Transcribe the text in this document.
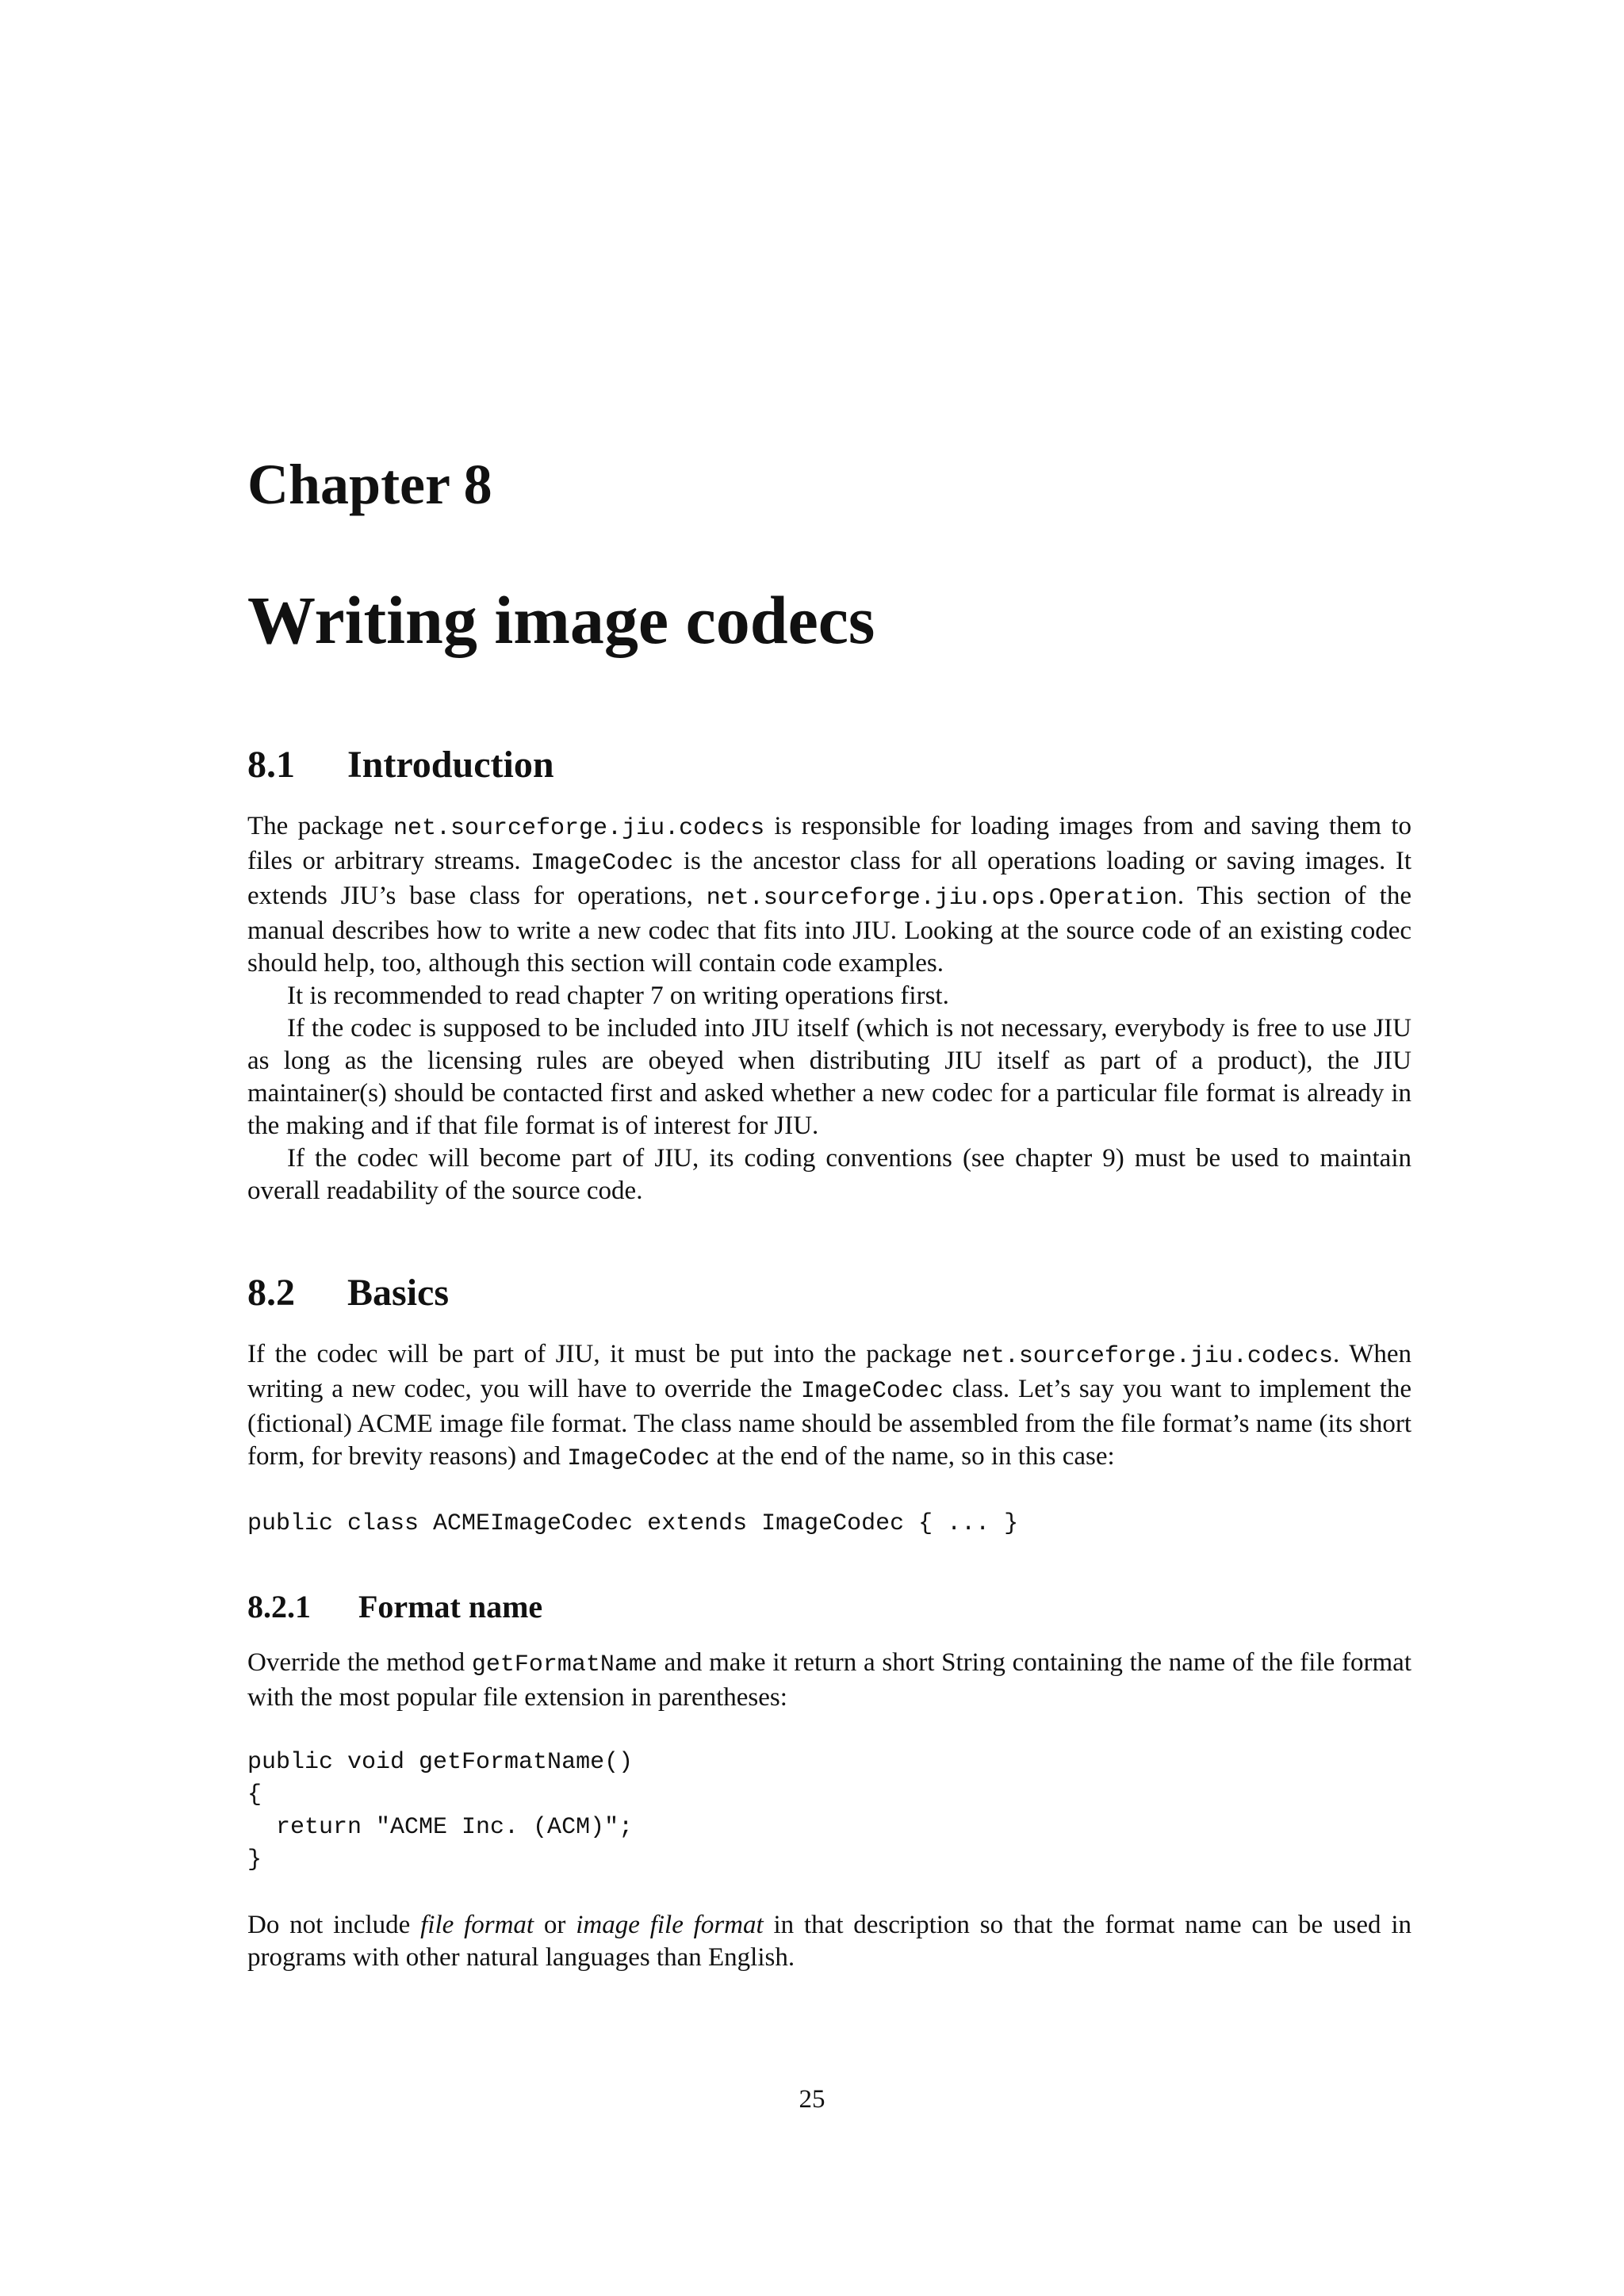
Chapter 8
Writing image codecs
8.1 Introduction

The package net.sourceforge.jiu.codecs is responsible for loading images from and saving them to files or arbitrary streams. ImageCodec is the ancestor class for all operations loading or saving images. It extends JIU’s base class for operations, net.sourceforge.jiu.ops.Operation. This section of the manual describes how to write a new codec that fits into JIU. Looking at the source code of an existing codec should help, too, although this section will contain code examples.

It is recommended to read chapter 7 on writing operations first.

If the codec is supposed to be included into JIU itself (which is not necessary, everybody is free to use JIU as long as the licensing rules are obeyed when distributing JIU itself as part of a product), the JIU maintainer(s) should be contacted first and asked whether a new codec for a particular file format is already in the making and if that file format is of interest for JIU.

If the codec will become part of JIU, its coding conventions (see chapter 9) must be used to maintain overall readability of the source code.

8.2 Basics

If the codec will be part of JIU, it must be put into the package net.sourceforge.jiu.codecs. When writing a new codec, you will have to override the ImageCodec class. Let’s say you want to implement the (fictional) ACME image file format. The class name should be assembled from the file format’s name (its short form, for brevity reasons) and ImageCodec at the end of the name, so in this case:

public class ACMEImageCodec extends ImageCodec { ... }
8.2.1 Format name

Override the method getFormatName and make it return a short String containing the name of the file format with the most popular file extension in parentheses:

public void getFormatName()
{
return "ACME Inc. (ACM)";
}

Do not include file format or image file format in that description so that the format name can be used in programs with other natural languages than English.

25
